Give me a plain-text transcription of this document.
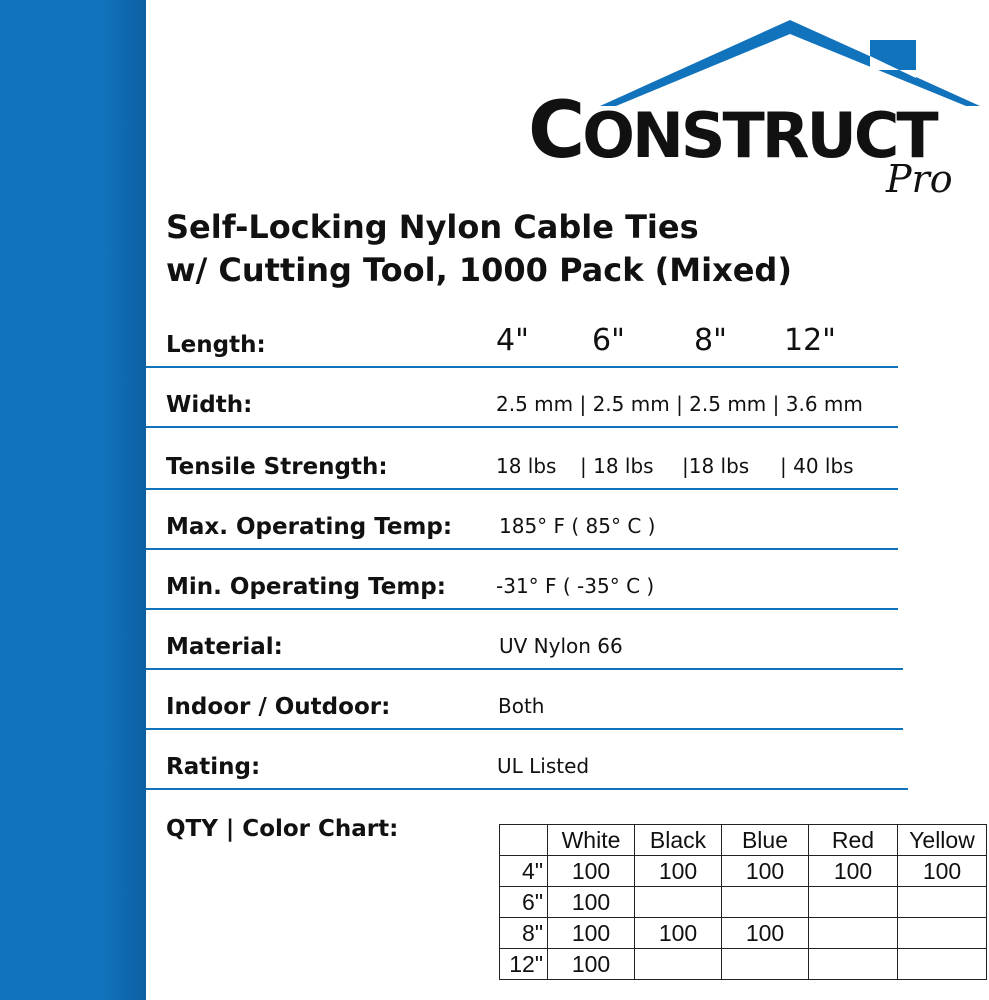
CONSTRUCT
Pro
Self-Locking Nylon Cable Ties
w/ Cutting Tool, 1000 Pack (Mixed)
Length:	4" 6" 8" 12"
Width:	2.5 mm | 2.5 mm | 2.5 mm | 3.6 mm
Tensile Strength:	18 lbs | 18 lbs |18 lbs | 40 lbs
Max. Operating Temp: 185° F ( 85° C )
Min. Operating Temp:	-31° F ( -35° C )
Material:	UV Nylon 66
Indoor / Outdoor:	Both
Rating:	UL Listed
QTY | Color Chart:
		White	Black	Blue	Red	Yellow
4"	100	100	100	100	100
6"	100				
8"	100	100	100		
12"	100				
